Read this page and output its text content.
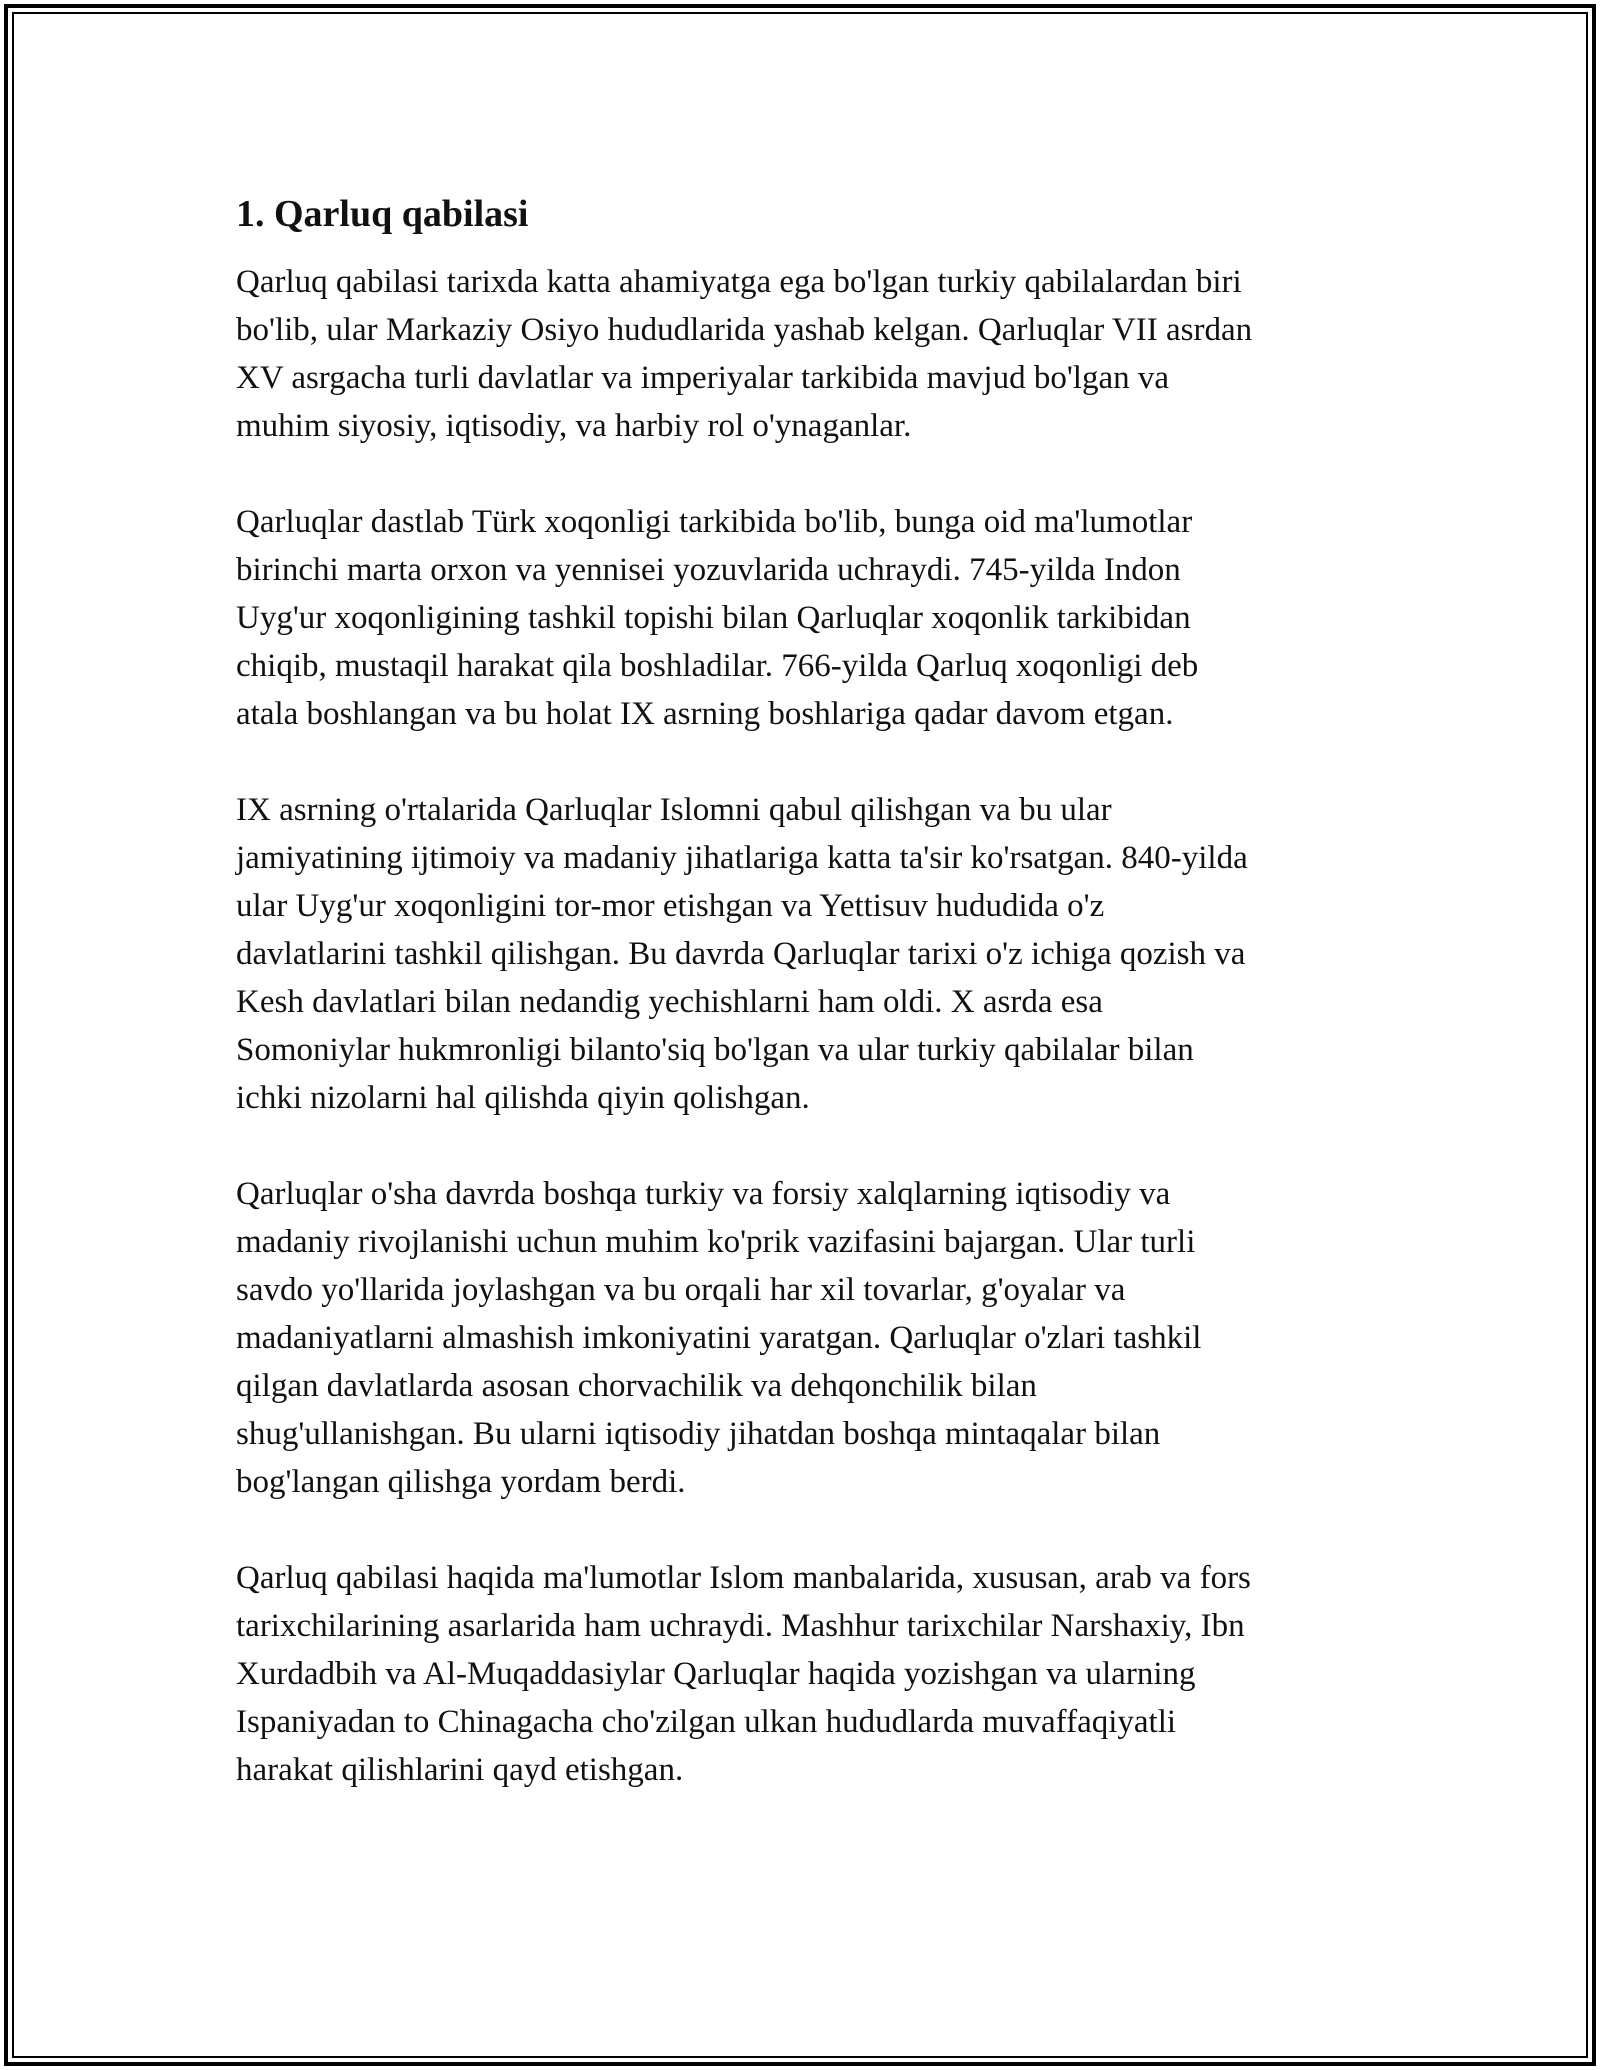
1. Qarluq qabilasi

Qarluq qabilasi tarixda katta ahamiyatga ega bo'lgan turkiy qabilalardan biri
bo'lib, ular Markaziy Osiyo hududlarida yashab kelgan. Qarluqlar VII asrdan
XV asrgacha turli davlatlar va imperiyalar tarkibida mavjud bo'lgan va
muhim siyosiy, iqtisodiy, va harbiy rol o'ynaganlar.

Qarluqlar dastlab Türk xoqonligi tarkibida bo'lib, bunga oid ma'lumotlar
birinchi marta orxon va yennisei yozuvlarida uchraydi. 745-yilda Indon
Uyg'ur xoqonligining tashkil topishi bilan Qarluqlar xoqonlik tarkibidan
chiqib, mustaqil harakat qila boshladilar. 766-yilda Qarluq xoqonligi deb
atala boshlangan va bu holat IX asrning boshlariga qadar davom etgan.

IX asrning o'rtalarida Qarluqlar Islomni qabul qilishgan va bu ular
jamiyatining ijtimoiy va madaniy jihatlariga katta ta'sir ko'rsatgan. 840-yilda
ular Uyg'ur xoqonligini tor-mor etishgan va Yettisuv hududida o'z
davlatlarini tashkil qilishgan. Bu davrda Qarluqlar tarixi o'z ichiga qozish va
Kesh davlatlari bilan nedandig yechishlarni ham oldi. X asrda esa
Somoniylar hukmronligi bilanto'siq bo'lgan va ular turkiy qabilalar bilan
ichki nizolarni hal qilishda qiyin qolishgan.

Qarluqlar o'sha davrda boshqa turkiy va forsiy xalqlarning iqtisodiy va
madaniy rivojlanishi uchun muhim ko'prik vazifasini bajargan. Ular turli
savdo yo'llarida joylashgan va bu orqali har xil tovarlar, g'oyalar va
madaniyatlarni almashish imkoniyatini yaratgan. Qarluqlar o'zlari tashkil
qilgan davlatlarda asosan chorvachilik va dehqonchilik bilan
shug'ullanishgan. Bu ularni iqtisodiy jihatdan boshqa mintaqalar bilan
bog'langan qilishga yordam berdi.

Qarluq qabilasi haqida ma'lumotlar Islom manbalarida, xususan, arab va fors
tarixchilarining asarlarida ham uchraydi. Mashhur tarixchilar Narshaxiy, Ibn
Xurdadbih va Al-Muqaddasiylar Qarluqlar haqida yozishgan va ularning
Ispaniyadan to Chinagacha cho'zilgan ulkan hududlarda muvaffaqiyatli
harakat qilishlarini qayd etishgan.
